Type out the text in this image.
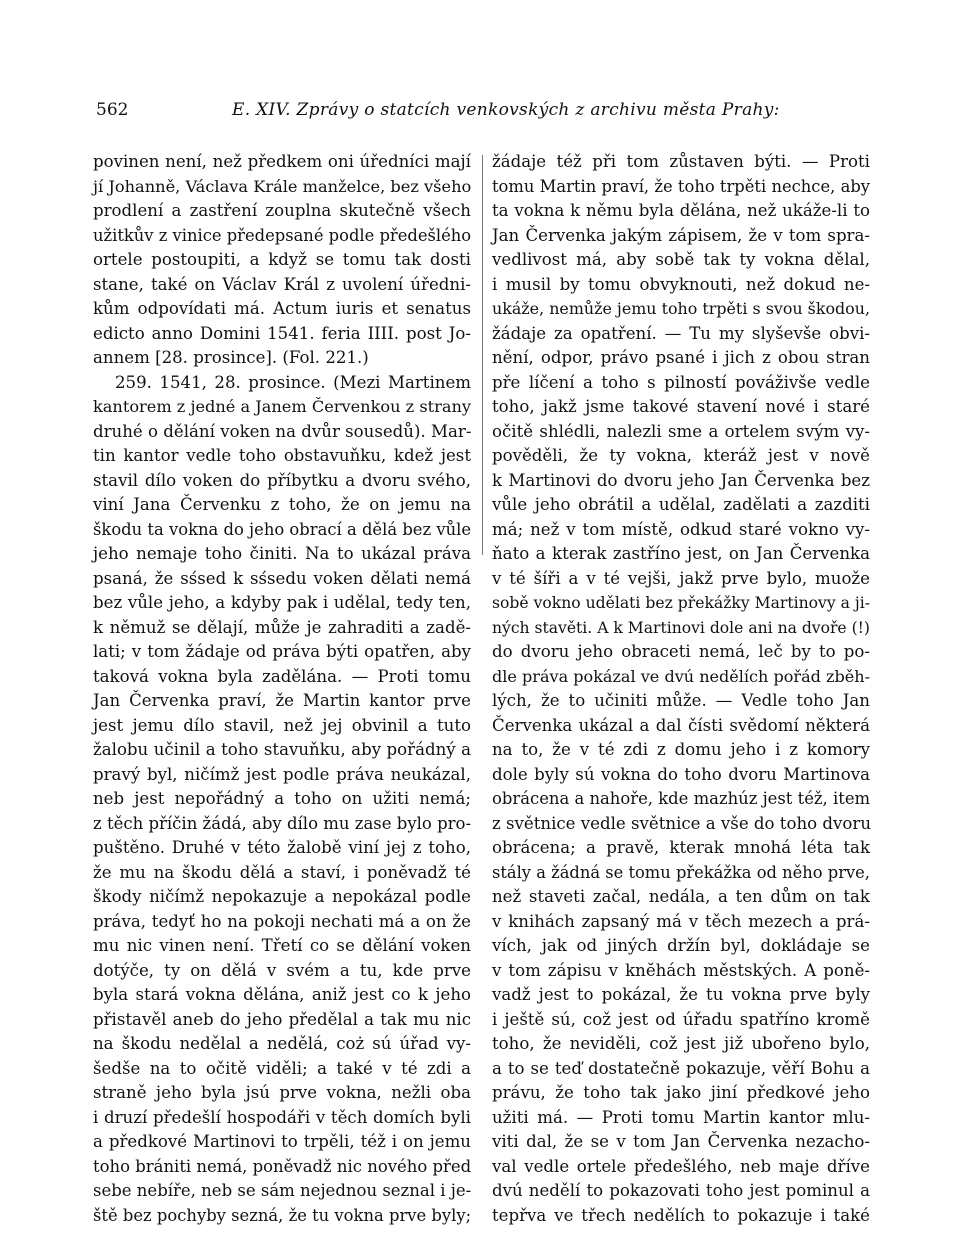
562	E. XIV. Zprávy o statcích venkovských z archivu města Prahy:
povinen není, než předkem oni úředníci mají
jí Johanně, Václava Krále manželce, bez všeho
prodlení a zastření zouplna skutečně všech
užitkův z vinice předepsané podle předešlého
ortele postoupiti, a když se tomu tak dosti
stane, také on Václav Král z uvolení úředni-
kům odpovídati má. Actum iuris et senatus
edicto anno Domini 1541. feria IIII. post Jo-
annem [28. prosince]. (Fol. 221.)
259. 1541, 28. prosince. (Mezi Martinem
kantorem z jedné a Janem Červenkou z strany
druhé o dělání voken na dvůr sousedů). Mar-
tin kantor vedle toho obstavuňku, kdež jest
stavil dílo voken do příbytku a dvoru svého,
viní Jana Červenku z toho, že on jemu na
škodu ta vokna do jeho obrací a dělá bez vůle
jeho nemaje toho činiti. Na to ukázal práva
psaná, že sśsed k sśsedu voken dělati nemá
bez vůle jeho, a kdyby pak i udělal, tedy ten,
k němuž se dělají, může je zahraditi a zadě-
lati; v tom žádaje od práva býti opatřen, aby
taková vokna byla zadělána. — Proti tomu
Jan Červenka praví, že Martin kantor prve
jest jemu dílo stavil, než jej obvinil a tuto
žalobu učinil a toho stavuňku, aby pořádný a
pravý byl, ničímž jest podle práva neukázal,
neb jest nepořádný a toho on užiti nemá;
z těch příčin žádá, aby dílo mu zase bylo pro-
puštěno. Druhé v této žalobě viní jej z toho,
že mu na škodu dělá a staví, i poněvadž té
škody ničímž nepokazuje a nepokázal podle
práva, tedyť ho na pokoji nechati má a on že
mu nic vinen není. Třetí co se dělání voken
dotýče, ty on dělá v svém a tu, kde prve
byla stará vokna dělána, aniž jest co k jeho
přistavěl aneb do jeho předělal a tak mu nic
na škodu nedělal a nedělá, coż sú úřad vy-
šedše na to očitě viděli; a také v té zdi a
straně jeho byla jsú prve vokna, nežli oba
i druzí předešlí hospodáři v těch domích byli
a předkové Martinovi to trpěli, též i on jemu
toho brániti nemá, poněvadž nic nového před
sebe nebíře, neb se sám nejednou seznal i je-
ště bez pochyby sezná, že tu vokna prve byly;
žádaje též při tom zůstaven býti. — Proti
tomu Martin praví, že toho trpěti nechce, aby
ta vokna k němu byla dělána, než ukáže-li to
Jan Červenka jakým zápisem, že v tom spra-
vedlivost má, aby sobě tak ty vokna dělal,
i musil by tomu obvyknouti, než dokud ne-
ukáže, nemůže jemu toho trpěti s svou škodou,
žádaje za opatření. — Tu my slyševše obvi-
nění, odpor, právo psané i jich z obou stran
pře líčení a toho s pilností pováživše vedle
toho, jakž jsme takové stavení nové i staré
očitě shlédli, nalezli sme a ortelem svým vy-
pověděli, že ty vokna, kteráž jest v nově
k Martinovi do dvoru jeho Jan Červenka bez
vůle jeho obrátil a udělal, zadělati a zazditi
má; než v tom místě, odkud staré vokno vy-
ňato a kterak zastříno jest, on Jan Červenka
v té šíři a v té vejši, jakž prve bylo, muože
sobě vokno udělati bez překážky Martinovy a ji-
ných stavěti. A k Martinovi dole ani na dvoře (!)
do dvoru jeho obraceti nemá, leč by to po-
dle práva pokázal ve dvú nedělích pořád zběh-
lých, že to učiniti může. — Vedle toho Jan
Červenka ukázal a dal čísti svědomí některá
na to, že v té zdi z domu jeho i z komory
dole byly sú vokna do toho dvoru Martinova
obrácena a nahoře, kde mazhúz jest též, item
z světnice vedle světnice a vše do toho dvoru
obrácena; a pravě, kterak mnohá léta tak
stály a žádná se tomu překážka od něho prve,
než staveti začal, nedála, a ten dům on tak
v knihách zapsaný má v těch mezech a prá-
vích, jak od jiných držín byl, dokládaje se
v tom zápisu v knĕhách městských. A poně-
vadž jest to pokázal, že tu vokna prve byly
i ještě sú, což jest od úřadu spatříno kromě
toho, že neviděli, což jest již ubořeno bylo,
a to se teď dostatečně pokazuje, věří Bohu a
právu, že toho tak jako jiní předkové jeho
užiti má. — Proti tomu Martin kantor mlu-
viti dal, že se v tom Jan Červenka nezacho-
val vedle ortele předešlého, neb maje dříve
dvú nedělí to pokazovati toho jest pominul a
tepřva ve třech nedělích to pokazuje i také
